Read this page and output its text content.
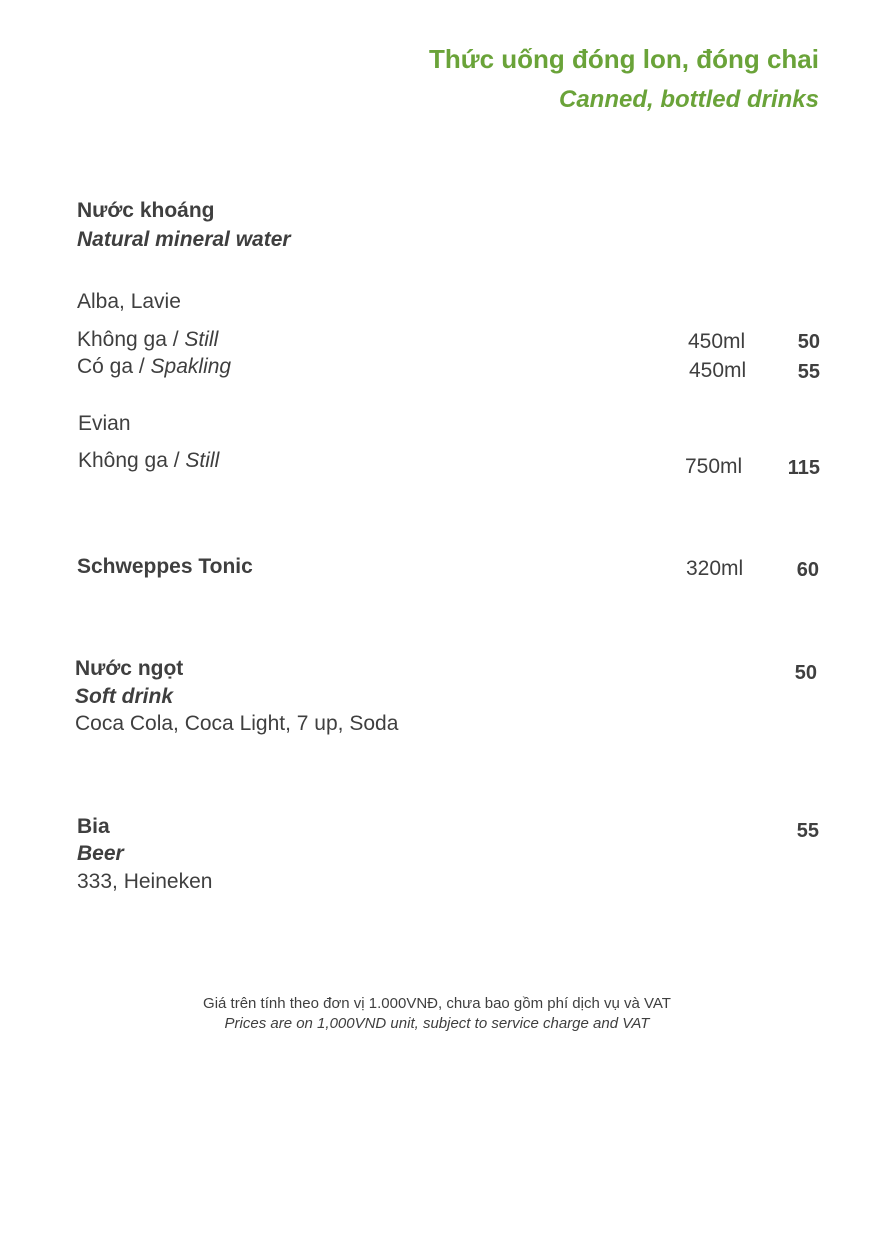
Thức uống đóng lon, đóng chai
Canned, bottled drinks
Nước khoáng
Natural mineral water
Alba, Lavie
Không ga / Still	450ml	50
Có ga / Spakling	450ml	55
Evian
Không ga / Still	750ml 115
Schweppes Tonic	320ml	60
Nước ngọt
Soft drink
Coca Cola, Coca Light, 7 up, Soda
50
Bia
Beer
333, Heineken
55
Giá trên tính theo đơn vị 1.000VNĐ, chưa bao gồm phí dịch vụ và VAT
Prices are on 1,000VND unit, subject to service charge and VAT
